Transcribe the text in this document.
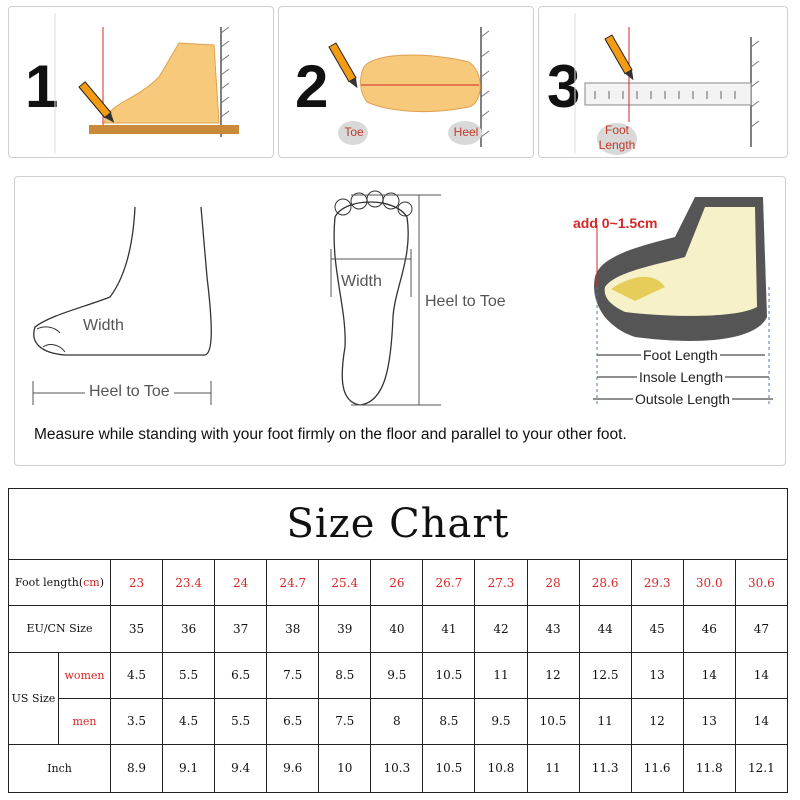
1	2
Toe	Heel
3
Foot
Length
Width
Heel to Toe
Width
Heel to Toe
add 0~1.5cm
Foot Length
Insole Length
Outsole Length
Measure while standing with your foot firmly on the floor and parallel to your other foot.
Size Chart														
Foot length(cm)		23	23.4	24	24.7	25.4	26	26.7	27.3	28	28.6	29.3	30.0	30.6
EU/CN Size		35	36	37	38	39	40	41	42	43	44	45	46	47
US Size	women	4.5	5.5	6.5	7.5	8.5	9.5	10.5	11	12	12.5	13	14	14
	men	3.5	4.5	5.5	6.5	7.5	8	8.5	9.5	10.5	11	12	13	14
Inch		8.9	9.1	9.4	9.6	10	10.3	10.5	10.8	11	11.3	11.6	11.8	12.1
